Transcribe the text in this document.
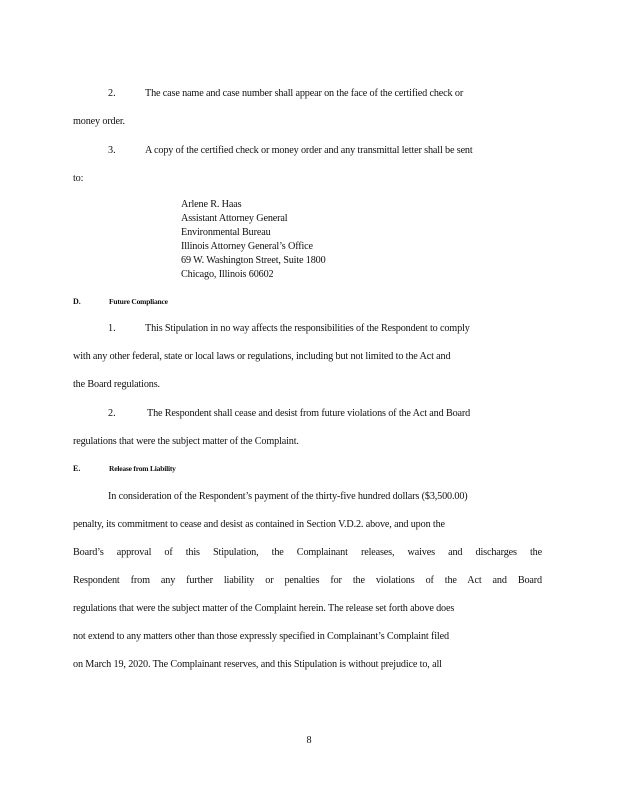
2.	The case name and case number shall appear on the face of the certified check or
money order.
3.	A copy of the certified check or money order and any transmittal letter shall be sent
to:
Arlene R. Haas
Assistant Attorney General
Environmental Bureau
Illinois Attorney General’s Office
69 W. Washington Street, Suite 1800
Chicago, Illinois 60602
D.	Future Compliance
1.	This Stipulation in no way affects the responsibilities of the Respondent to comply
with any other federal, state or local laws or regulations, including but not limited to the Act and
the Board regulations.
2.	The Respondent shall cease and desist from future violations of the Act and Board
regulations that were the subject matter of the Complaint.
E.	Release from Liability
In consideration of the Respondent’s payment of the thirty-five hundred dollars ($3,500.00)
penalty, its commitment to cease and desist as contained in Section V.D.2. above, and upon the
Board’s approval of this Stipulation, the Complainant releases, waives and discharges the
Respondent from any further liability or penalties for the violations of the Act and Board
regulations that were the subject matter of the Complaint herein. The release set forth above does
not extend to any matters other than those expressly specified in Complainant’s Complaint filed
on March 19, 2020. The Complainant reserves, and this Stipulation is without prejudice to, all
8
